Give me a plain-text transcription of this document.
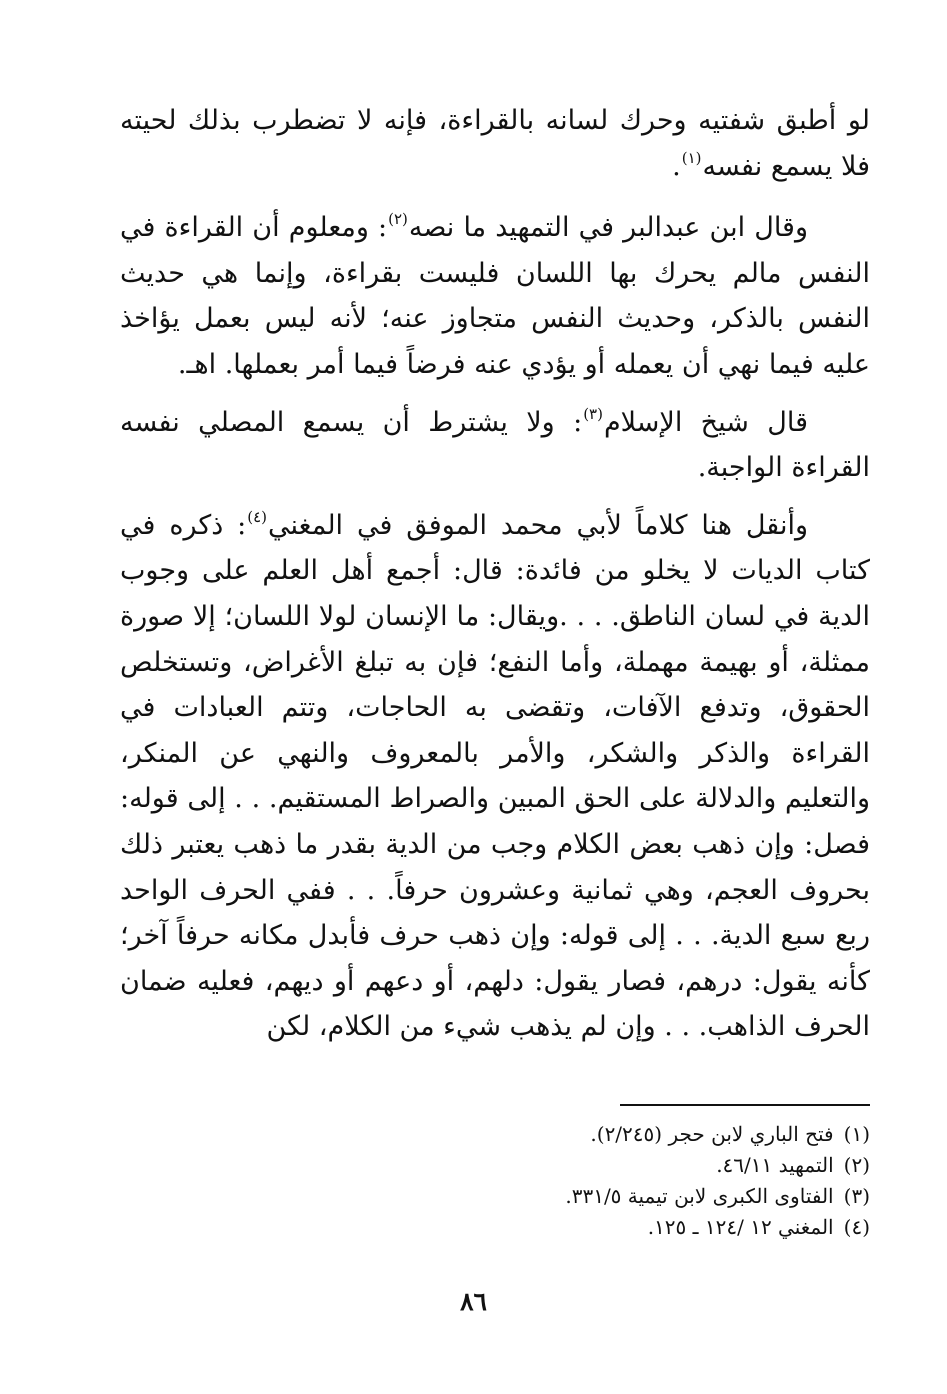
لو أطبق شفتيه وحرك لسانه بالقراءة، فإنه لا تضطرب بذلك لحيته فلا يسمع نفسه$^{(١)}$.

وقال ابن عبدالبر في التمهيد ما نصه$^{(٢)}$: ومعلوم أن القراءة في النفس مالم يحرك بها اللسان فليست بقراءة، وإنما هي حديث النفس بالذكر، وحديث النفس متجاوز عنه؛ لأنه ليس بعمل يؤاخذ عليه فيما نهي أن يعمله أو يؤدي عنه فرضاً فيما أمر بعملها. اهـ.

قال شيخ الإسلام$^{(٣)}$: ولا يشترط أن يسمع المصلي نفسه القراءة الواجبة.

وأنقل هنا كلاماً لأبي محمد الموفق في المغني$^{(٤)}$: ذكره في كتاب الديات لا يخلو من فائدة: قال: أجمع أهل العلم على وجوب الدية في لسان الناطق. . . .ويقال: ما الإنسان لولا اللسان؛ إلا صورة ممثلة، أو بهيمة مهملة، وأما النفع؛ فإن به تبلغ الأغراض، وتستخلص الحقوق، وتدفع الآفات، وتقضى به الحاجات، وتتم العبادات في القراءة والذكر والشكر، والأمر بالمعروف والنهي عن المنكر، والتعليم والدلالة على الحق المبين والصراط المستقيم. . . إلى قوله: فصل: وإن ذهب بعض الكلام وجب من الدية بقدر ما ذهب يعتبر ذلك بحروف العجم، وهي ثمانية وعشرون حرفاً. . . ففي الحرف الواحد ربع سبع الدية. . . إلى قوله: وإن ذهب حرف فأبدل مكانه حرفاً آخر؛ كأنه يقول: درهم، فصار يقول: دلهم، أو دعهم أو ديهم، فعليه ضمان الحرف الذاهب. . . وإن لم يذهب شيء من الكلام، لكن

(١)فتح الباري لابن حجر (٢/٢٤٥).
(٢)التمهيد ٤٦/١١.
(٣)الفتاوى الكبرى لابن تيمية ٣٣١/٥.
(٤)المغني ١٢ /١٢٤ ـ ١٢٥.
٨٦
